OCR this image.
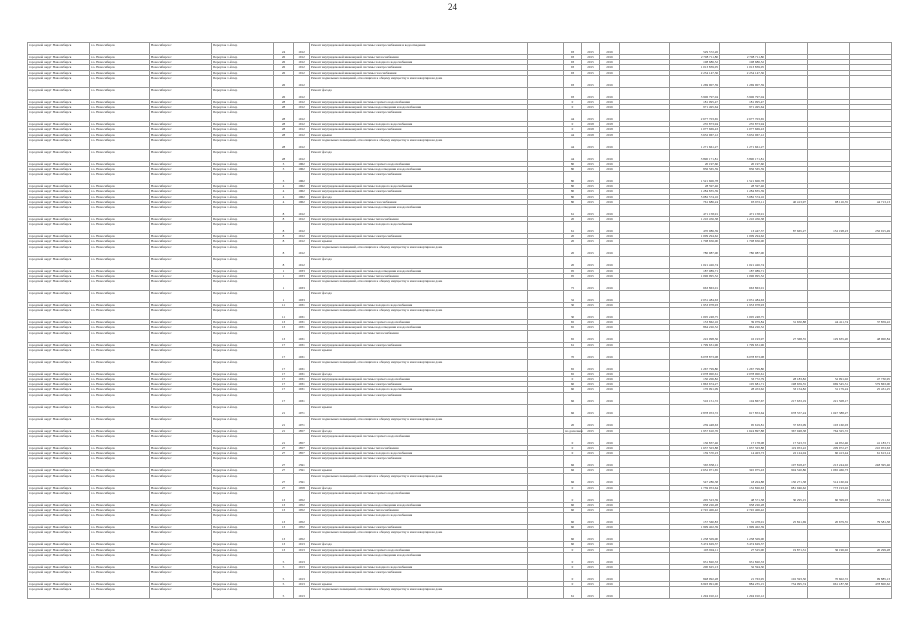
24
городской округ Новосибирск	г.о. Новосибирск	Новосибирск г	Переулок 1-й пер	24	1912	Ремонт внутридомовой инженерной системы электроснабжения и водоотведения		93	2015	2016		529 572,26				
городской округ Новосибирск	г.о. Новосибирск	Новосибирск г	Переулок 1-й пер	26	1912	Ремонт внутридомовой инженерной системы теплоснабжения		93	2015	2016		2 708 711,80	2 708 711,80			
городской округ Новосибирск	г.о. Новосибирск	Новосибирск г	Переулок 1-й пер	26	1912	Ремонт внутридомовой инженерной системы холодного водоснабжения		93	2015	2016		108 686,52	108 686,52			
городской округ Новосибирск	г.о. Новосибирск	Новосибирск г	Переулок 1-й пер	26	1912	Ремонт внутридомовой инженерной системы электроснабжения		93	2015	2016		1 013 839,05	1 013 839,05			
городской округ Новосибирск	г.о. Новосибирск	Новосибирск г	Переулок 1-й пер	26	1912	Ремонт внутридомовой инженерной системы газоснабжения		93	2015	2016		2 234 147,36	2 234 147,36			
городской округ Новосибирск	г.о. Новосибирск	Новосибирск г	Переулок 1-й пер	26	1912	Ремонт подвальных помещений, относящихся к общему имуществу в многоквартирном доме		93	2015	2016		1 269 907,59	1 269 907,59			
городской округ Новосибирск	г.о. Новосибирск	Новосибирск г	Переулок 1-й пер	26	1912	Ремонт фасада		93	2015	2016		3 906 797,04	3 906 797,04			
городской округ Новосибирск	г.о. Новосибирск	Новосибирск г	Переулок 1-й пер	28	1912	Ремонт внутридомовой инженерной системы горячего водоснабжения		0	2015	2016		181 095,47	181 095,47			
городской округ Новосибирск	г.о. Новосибирск	Новосибирск г	Переулок 1-й пер	28	1912	Ремонт внутридомовой инженерной системы водоотведения и водоснабжения		0	2015	2016		971 495,64	971 495,64			
городской округ Новосибирск	г.о. Новосибирск	Новосибирск г	Переулок 1-й пер	28	1912	Ремонт внутридомовой инженерной системы электроснабжения		44	2015	2016		2 677 703,65	2 677 703,65			
городской округ Новосибирск	г.о. Новосибирск	Новосибирск г	Переулок 1-й пер	28	1912	Ремонт внутридомовой инженерной системы холодного водоснабжения		0	2018	2018		235 873,94	235 873,94			
городской округ Новосибирск	г.о. Новосибирск	Новосибирск г	Переулок 1-й пер	28	1912	Ремонт внутридомовой инженерной системы электроснабжения		0	2018	2018		1 077 669,43	1 077 669,43			
городской округ Новосибирск	г.о. Новосибирск	Новосибирск г	Переулок 1-й пер	28	1912	Ремонт крыши		44	2018	2018		3 632 967,12	3 632 967,12			
городской округ Новосибирск	г.о. Новосибирск	Новосибирск г	Переулок 1-й пер	28	1912	Ремонт подвальных помещений, относящихся к общему имуществу в многоквартирном доме		44	2015	2016		1 271 661,27	1 271 661,27			
городской округ Новосибирск	г.о. Новосибирск	Новосибирск г	Переулок 1-й пер	28	1912	Ремонт фасада		44	2015	2016		3 890 171,81	3 890 171,81			
городской округ Новосибирск	г.о. Новосибирск	Новосибирск г	Переулок 1-й пер	3	1962	Ремонт внутридомовой инженерной системы горячего водоснабжения		80	2015	2016		20 197,60	20 197,60			
городской округ Новосибирск	г.о. Новосибирск	Новосибирск г	Переулок 1-й пер	3	1962	Ремонт внутридомовой инженерной системы водоотведения и водоснабжения		80	2015	2016		836 565,59	836 565,59			
городской округ Новосибирск	г.о. Новосибирск	Новосибирск г	Переулок 1-й пер	3	1962	Ремонт внутридомовой инженерной системы электроснабжения		80	2015	2016		1 521 606,78	1 521 606,78			
городской округ Новосибирск	г.о. Новосибирск	Новосибирск г	Переулок 1-й пер	4	1962	Ремонт внутридомовой инженерной системы холодного водоснабжения		80	2015	2016		28 597,46	28 597,46			
городской округ Новосибирск	г.о. Новосибирск	Новосибирск г	Переулок 1-й пер	4	1962	Ремонт внутридомовой инженерной системы электроснабжения		80	2015	2016		1 284 835,39	1 284 835,39			
городской округ Новосибирск	г.о. Новосибирск	Новосибирск г	Переулок 1-й пер	4	1962	Ремонт фасада		80	2015	2016		5 082 574,16	5 082 574,16			
городской округ Новосибирск	г.о. Новосибирск	Новосибирск г	Переулок 1-й пер	4	1962	Ремонт внутридомовой инженерной системы газоснабжения		80	2015	2016		761 686,24	93 972,11	40 413,97	98 116,35	44 713,13
городской округ Новосибирск	г.о. Новосибирск	Новосибирск г	Переулок 1-й пер	8	1912	Ремонт внутридомовой инженерной системы водоотведения и водоснабжения		61	2015	2016		471 158,91	471 158,91			
городской округ Новосибирск	г.о. Новосибирск	Новосибирск г	Переулок 1-й пер	8	1912	Ремонт внутридомовой инженерной системы теплоснабжения		20	2015	2016		1 210 456,38	1 210 456,38			
городской округ Новосибирск	г.о. Новосибирск	Новосибирск г	Переулок 1-й пер	8	1912	Ремонт внутридомовой инженерной системы холодного водоснабжения		61	2015	2016		470 986,39	13 447,37	87 665,27	152 198,23	256 915,49
городской округ Новосибирск	г.о. Новосибирск	Новосибирск г	Переулок 1-й пер	8	1912	Ремонт внутридомовой инженерной системы электроснабжения		20	2015	2016		1 009 294,62	1 009 294,62			
городской округ Новосибирск	г.о. Новосибирск	Новосибирск г	Переулок 1-й пер	8	1912	Ремонт крыши		20	2015	2016		1 708 656,00	1 708 656,00			
городской округ Новосибирск	г.о. Новосибирск	Новосибирск г	Переулок 1-й пер	8	1912	Ремонт подвальных помещений, относящихся к общему имуществу в многоквартирном доме		20	2015	2016		780 987,00	780 987,00			
городской округ Новосибирск	г.о. Новосибирск	Новосибирск г	Переулок 1-й пер	8	1912	Ремонт фасада		20	2015	2016		1 021 426,74	1 021 426,74			
городской округ Новосибирск	г.о. Новосибирск	Новосибирск г	Переулок 2-й пер	1	1933	Ремонт внутридомовой инженерной системы водоотведения и водоснабжения		95	2015	2016		187 089,71	187 089,71			
городской округ Новосибирск	г.о. Новосибирск	Новосибирск г	Переулок 2-й пер	1	1933	Ремонт внутридомовой инженерной системы теплоснабжения		95	2015	2016		1 096 995,52	1 096 995,52			
городской округ Новосибирск	г.о. Новосибирск	Новосибирск г	Переулок 2-й пер	1	1933	Ремонт подвальных помещений, относящихся к общему имуществу в многоквартирном доме		75	2015	2016		663 863,01	663 863,01			
городской округ Новосибирск	г.о. Новосибирск	Новосибирск г	Переулок 2-й пер	1	1933	Ремонт фасада		32	2015	2016		2 031 484,63	2 031 484,63			
городской округ Новосибирск	г.о. Новосибирск	Новосибирск г	Переулок 2-й пер	11	1931	Ремонт внутридомовой инженерной системы холодного водоснабжения		30	2015	2016		1 953 978,93	1 953 978,93			
городской округ Новосибирск	г.о. Новосибирск	Новосибирск г	Переулок 2-й пер	11	1931	Ремонт подвальных помещений, относящихся к общему имуществу в многоквартирном доме		30	2015	2016		1 005 248,75	1 005 248,75			
городской округ Новосибирск	г.о. Новосибирск	Новосибирск г	Переулок 2-й пер	13	1931	Ремонт внутридомовой инженерной системы горячего водоснабжения		65	2015	2016		153 862,16	39 079,84	31 650,88	44 411,74	37 859,22
городской округ Новосибирск	г.о. Новосибирск	Новосибирск г	Переулок 2-й пер	13	1931	Ремонт внутридомовой инженерной системы водоотведения и водоснабжения		65	2015	2016		864 226,52	864 226,52			
городской округ Новосибирск	г.о. Новосибирск	Новосибирск г	Переулок 2-й пер	13	1931	Ремонт внутридомовой инженерной системы теплоснабжения		65	2015	2016		222 098,56	16 193,97	27 368,55	129 635,20	48 900,84
городской округ Новосибирск	г.о. Новосибирск	Новосибирск г	Переулок 2-й пер	17	1931	Ремонт внутридомовой инженерной системы электроснабжения		61	2015	2016		1 799 631,96	1 799 631,96			
городской округ Новосибирск	г.о. Новосибирск	Новосибирск г	Переулок 2-й пер	17	1931	Ремонт крыши		70	2015	2016		6 078 873,08	6 078 873,08			
городской округ Новосибирск	г.о. Новосибирск	Новосибирск г	Переулок 2-й пер	17	1931	Ремонт подвальных помещений, относящихся к общему имуществу в многоквартирном доме		65	2015	2016		1 267 799,80	1 267 799,80			
городской округ Новосибирск	г.о. Новосибирск	Новосибирск г	Переулок 2-й пер	17	1931	Ремонт фасада		65	2015	2016		2 078 000,61	2 078 000,61			
городской округ Новосибирск	г.о. Новосибирск	Новосибирск г	Переулок 2-й пер	17	1931	Ремонт внутридомовой инженерной системы горячего водоснабжения		0	2015	2016		150 206,82	33 772,79	28 183,82	52 991,02	47 730,95
городской округ Новосибирск	г.о. Новосибирск	Новосибирск г	Переулок 2-й пер	17	1931	Ремонт внутридомовой инженерной системы электроснабжения		60	2015	2016		1 863 674,27	105 681,71	198 659,55	669 545,31	579 863,00
городской округ Новосибирск	г.о. Новосибирск	Новосибирск г	Переулок 2-й пер	17	1931	Ремонт внутридомовой инженерной системы холодного водоснабжения		60	2015	2016		176 091,09	28 453,62	33 154,82	31 179,24	25 431,25
городской округ Новосибирск	г.о. Новосибирск	Новосибирск г	Переулок 2-й пер	17	1931	Ремонт внутридомовой инженерной системы электроснабжения		66	2015	2016		516 151,72	104 867,67	217 633,19	221 508,17	
городской округ Новосибирск	г.о. Новосибирск	Новосибирск г	Переулок 2-й пер	21	1971	Ремонт крыши		66	2015	2016		2 878 053,72	617 853,64	678 557,24	1 047 388,27	
городской округ Новосибирск	г.о. Новосибирск	Новосибирск г	Переулок 2-й пер	21	1971	Ремонт подвальных помещений, относящихся к общему имуществу в многоквартирном доме		20	2015	2016		239 448,63	95 619,81	37 633,09	103 160,03	
городской округ Новосибирск	г.о. Новосибирск	Новосибирск г	Переулок 2-й пер	21	1857	Ремонт фасада		по дополнен	2015	2016		1 957 610,76	1 624 897,88	367 948,38	764 325,72	
городской округ Новосибирск	г.о. Новосибирск	Новосибирск г	Переулок 2-й пер	21	1857	Ремонт внутридомовой инженерной системы горячего водоснабжения		0	2015	2016		136 837,46	17 178,08	17 523,72	44 952,46	41 183,71
городской округ Новосибирск	г.о. Новосибирск	Новосибирск г	Переулок 2-й пер	27	1857	Ремонт внутридомовой инженерной системы теплоснабжения		0	2015	2016		1 637 503,88	1 637 503,88	119 953,22	209 972,27	210 953,63
городской округ Новосибирск	г.о. Новосибирск	Новосибирск г	Переулок 2-й пер	27	1857	Ремонт внутридомовой инженерной системы холодного водоснабжения		0	2015	2016		159 570,23	14 403,73	22 124,04	60 413,44	61 613,14
городской округ Новосибирск	г.о. Новосибирск	Новосибирск г	Переулок 2-й пер	27	1591	Ремонт внутридомовой инженерной системы электроснабжения		66	2015	2016		565 858,11		107 818,47	213 244,02	248 395,46
городской округ Новосибирск	г.о. Новосибирск	Новосибирск г	Переулок 2-й пер	27	1591	Ремонт крыши		66	2015	2016		2 652 971,65	345 975,43	904 520,86	1 065 466,73	
городской округ Новосибирск	г.о. Новосибирск	Новосибирск г	Переулок 2-й пер	27	1591	Ремонт подвальных помещений, относящихся к общему имуществу в многоквартирном доме		66	2015	2016		547 286,38	18 204,88	130 271,38	514 160,04	
городской округ Новосибирск	г.о. Новосибирск	Новосибирск г	Переулок 2-й пер	27	1958	Ремонт фасада		0	2015	2016		1 739 053,64	132 826,63	681 946,62	773 193,02	
городской округ Новосибирск	г.о. Новосибирск	Новосибирск г	Переулок 2-й пер	13	1952	Ремонт внутридомовой инженерной системы горячего водоснабжения		0	2015	2016		205 523,39	48 571,58	30 295,15	60 399,03	70 211,62
городской округ Новосибирск	г.о. Новосибирск	Новосибирск г	Переулок 2-й пер	13	1952	Ремонт внутридомовой инженерной системы водоотведения и водоснабжения		60	2015	2016		958 226,28	958 226,28			
городской округ Новосибирск	г.о. Новосибирск	Новосибирск г	Переулок 2-й пер	13	1952	Ремонт внутридомовой инженерной системы теплоснабжения		60	2015	2016		2 745 406,42	2 745 406,42			
городской округ Новосибирск	г.о. Новосибирск	Новосибирск г	Переулок 2-й пер	13	1952	Ремонт внутридомовой инженерной системы холодного водоснабжения		60	2015	2016		157 560,83	31 478,01	25 821,69	20 679,55	79 581,58
городской округ Новосибирск	г.о. Новосибирск	Новосибирск г	Переулок 2-й пер	13	1952	Ремонт внутридомовой инженерной системы электроснабжения		60	2015	2016		1 999 402,39	1 999 402,39			
городской округ Новосибирск	г.о. Новосибирск	Новосибирск г	Переулок 2-й пер	13	1952	Ремонт подвальных помещений, относящихся к общему имуществу в многоквартирном доме		60	2015	2016		1 238 509,00	1 238 509,00			
городской округ Новосибирск	г.о. Новосибирск	Новосибирск г	Переулок 2-й пер	13	1913	Ремонт фасада		60	2015	2016		3 474 629,37	3 474 629,37			
городской округ Новосибирск	г.о. Новосибирск	Новосибирск г	Переулок 2-й пер	13	1913	Ремонт внутридомовой инженерной системы горячего водоснабжения		0	2015	2016		103 904,11	27 525,00	19 871,31	36 196,02	20 299,28
городской округ Новосибирск	г.о. Новосибирск	Новосибирск г	Переулок 2-й пер	5	1913	Ремонт внутридомовой инженерной системы водоотведения и водоснабжения		0	2015	2016		931 820,33	931 820,33			
городской округ Новосибирск	г.о. Новосибирск	Новосибирск г	Переулок 2-й пер	5	1913	Ремонт внутридомовой инженерной системы холодного водоснабжения		0	2015	2016		200 625,13	32 594,30			
городской округ Новосибирск	г.о. Новосибирск	Новосибирск г	Переулок 2-й пер	5	1913	Ремонт внутридомовой инженерной системы электроснабжения		0	2015	2016		848 992,28	21 763,95	102 593,50	70 602,72	99 885,13
городской округ Новосибирск	г.о. Новосибирск	Новосибирск г	Переулок 2-й пер	5	1913	Ремонт крыши		0	2015	2016		6 993 991,00	884 235,15	734 095,74	661 187,58	478 800,62
городской округ Новосибирск	г.о. Новосибирск	Новосибирск г	Переулок 2-й пер	5	1913	Ремонт подвальных помещений, относящихся к общему имуществу в многоквартирном доме		61	2015	2016		1 294 010,12	1 294 010,12			
